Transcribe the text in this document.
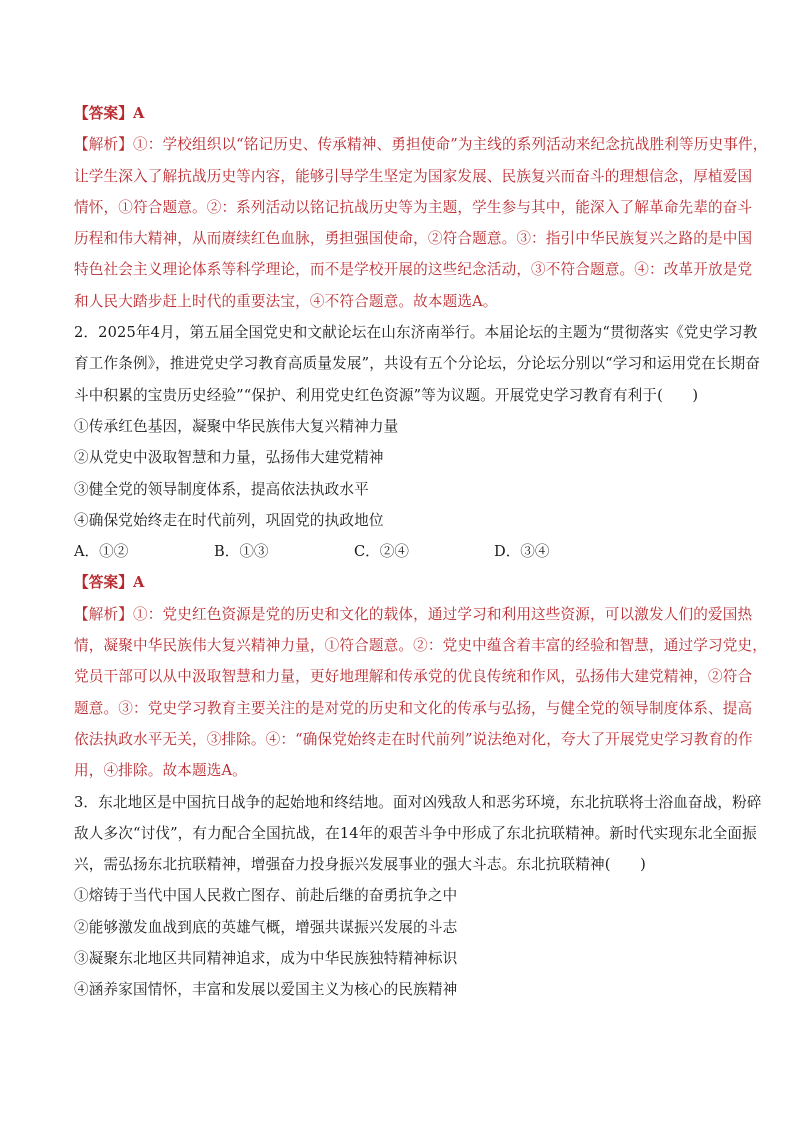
【答案】A
【解析】①：学校组织以“铭记历史、传承精神、勇担使命”为主线的系列活动来纪念抗战胜利等历史事件，
让学生深入了解抗战历史等内容，能够引导学生坚定为国家发展、民族复兴而奋斗的理想信念，厚植爱国
情怀，①符合题意。②：系列活动以铭记抗战历史等为主题，学生参与其中，能深入了解革命先辈的奋斗
历程和伟大精神，从而赓续红色血脉，勇担强国使命，②符合题意。③：指引中华民族复兴之路的是中国
特色社会主义理论体系等科学理论，而不是学校开展的这些纪念活动，③不符合题意。④：改革开放是党
和人民大踏步赶上时代的重要法宝，④不符合题意。故本题选A。
2．2025年4月，第五届全国党史和文献论坛在山东济南举行。本届论坛的主题为“贯彻落实《党史学习教
育工作条例》，推进党史学习教育高质量发展”，共设有五个分论坛，分论坛分别以“学习和运用党在长期奋
斗中积累的宝贵历史经验”“保护、利用党史红色资源”等为议题。开展党史学习教育有利于(　　)
①传承红色基因，凝聚中华民族伟大复兴精神力量
②从党史中汲取智慧和力量，弘扬伟大建党精神
③健全党的领导制度体系，提高依法执政水平
④确保党始终走在时代前列，巩固党的执政地位
A．①②	B．①③	C．②④	D．③④
【答案】A
【解析】①：党史红色资源是党的历史和文化的载体，通过学习和利用这些资源，可以激发人们的爱国热
情，凝聚中华民族伟大复兴精神力量，①符合题意。②：党史中蕴含着丰富的经验和智慧，通过学习党史，
党员干部可以从中汲取智慧和力量，更好地理解和传承党的优良传统和作风，弘扬伟大建党精神，②符合
题意。③：党史学习教育主要关注的是对党的历史和文化的传承与弘扬，与健全党的领导制度体系、提高
依法执政水平无关，③排除。④：“确保党始终走在时代前列”说法绝对化，夸大了开展党史学习教育的作
用，④排除。故本题选A。
3．东北地区是中国抗日战争的起始地和终结地。面对凶残敌人和恶劣环境，东北抗联将士浴血奋战，粉碎
敌人多次“讨伐”，有力配合全国抗战，在14年的艰苦斗争中形成了东北抗联精神。新时代实现东北全面振
兴，需弘扬东北抗联精神，增强奋力投身振兴发展事业的强大斗志。东北抗联精神(　　)
①熔铸于当代中国人民救亡图存、前赴后继的奋勇抗争之中
②能够激发血战到底的英雄气概，增强共谋振兴发展的斗志
③凝聚东北地区共同精神追求，成为中华民族独特精神标识
④涵养家国情怀，丰富和发展以爱国主义为核心的民族精神
